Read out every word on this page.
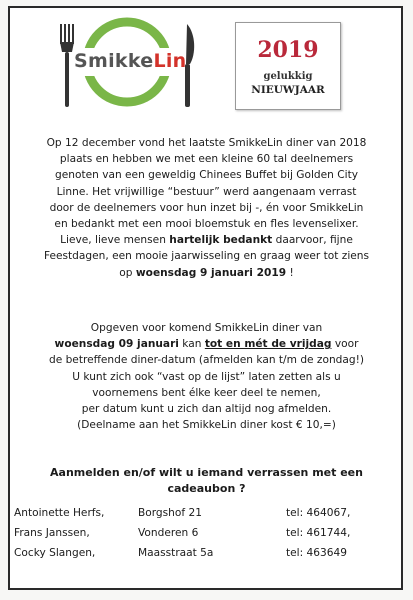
SmikkeLin	2019
gelukkig
NIEUWJAAR
Op 12 december vond het laatste SmikkeLin diner van 2018
plaats en hebben we met een kleine 60 tal deelnemers
genoten van een geweldig Chinees Buffet bij Golden City
Linne. Het vrijwillige “bestuur” werd aangenaam verrast
door de deelnemers voor hun inzet bij -, én voor SmikkeLin
en bedankt met een mooi bloemstuk en fles levenselixer.
Lieve, lieve mensen hartelijk bedankt daarvoor, fijne
Feestdagen, een mooie jaarwisseling en graag weer tot ziens
op woensdag 9 januari 2019 !
Opgeven voor komend SmikkeLin diner van
woensdag 09 januari kan tot en mét de vrijdag voor
de betreffende diner-datum (afmelden kan t/m de zondag!)
U kunt zich ook “vast op de lijst” laten zetten als u
voornemens bent élke keer deel te nemen,
per datum kunt u zich dan altijd nog afmelden.
(Deelname aan het SmikkeLin diner kost € 10,=)
Aanmelden en/of wilt u iemand verrassen met een
cadeaubon ?
Antoinette Herfs,	Borgshof 21	tel: 464067,
Frans Janssen,	Vonderen 6	tel: 461744,
Cocky Slangen,	Maasstraat 5a	tel: 463649
